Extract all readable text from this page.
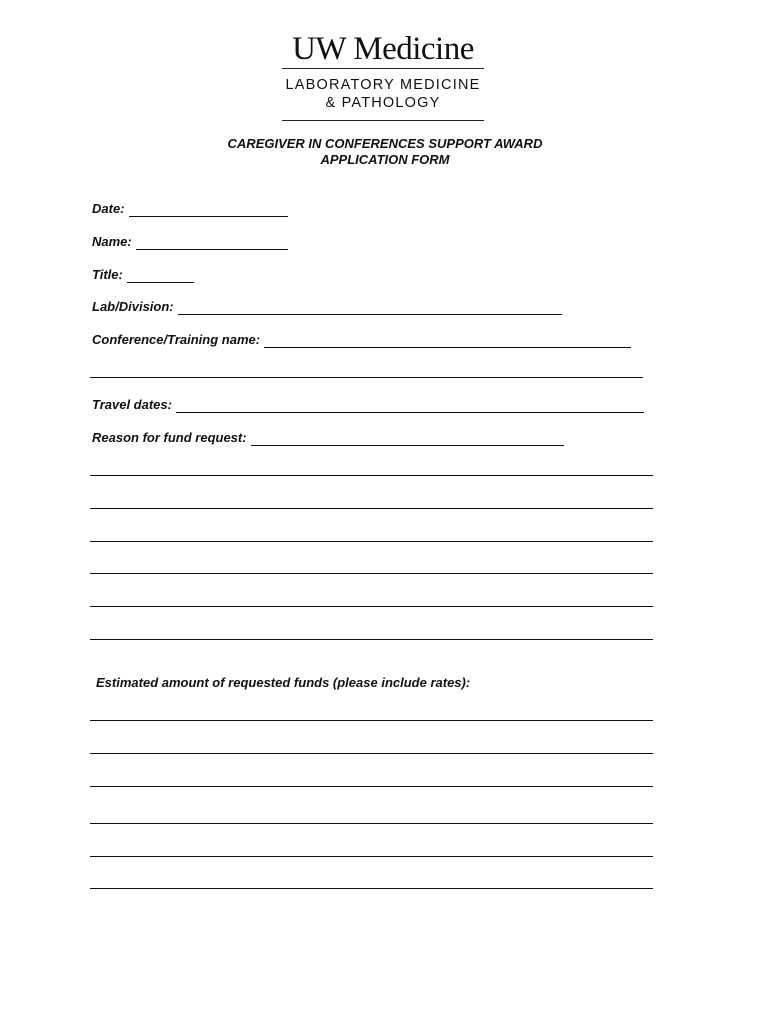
UW Medicine
LABORATORY MEDICINE
& PATHOLOGY
CAREGIVER IN CONFERENCES SUPPORT AWARD
APPLICATION FORM
Date:
Name:
Title:
Lab/Division:
Conference/Training name:
Travel dates:
Reason for fund request:
Estimated amount of requested funds (please include rates):
